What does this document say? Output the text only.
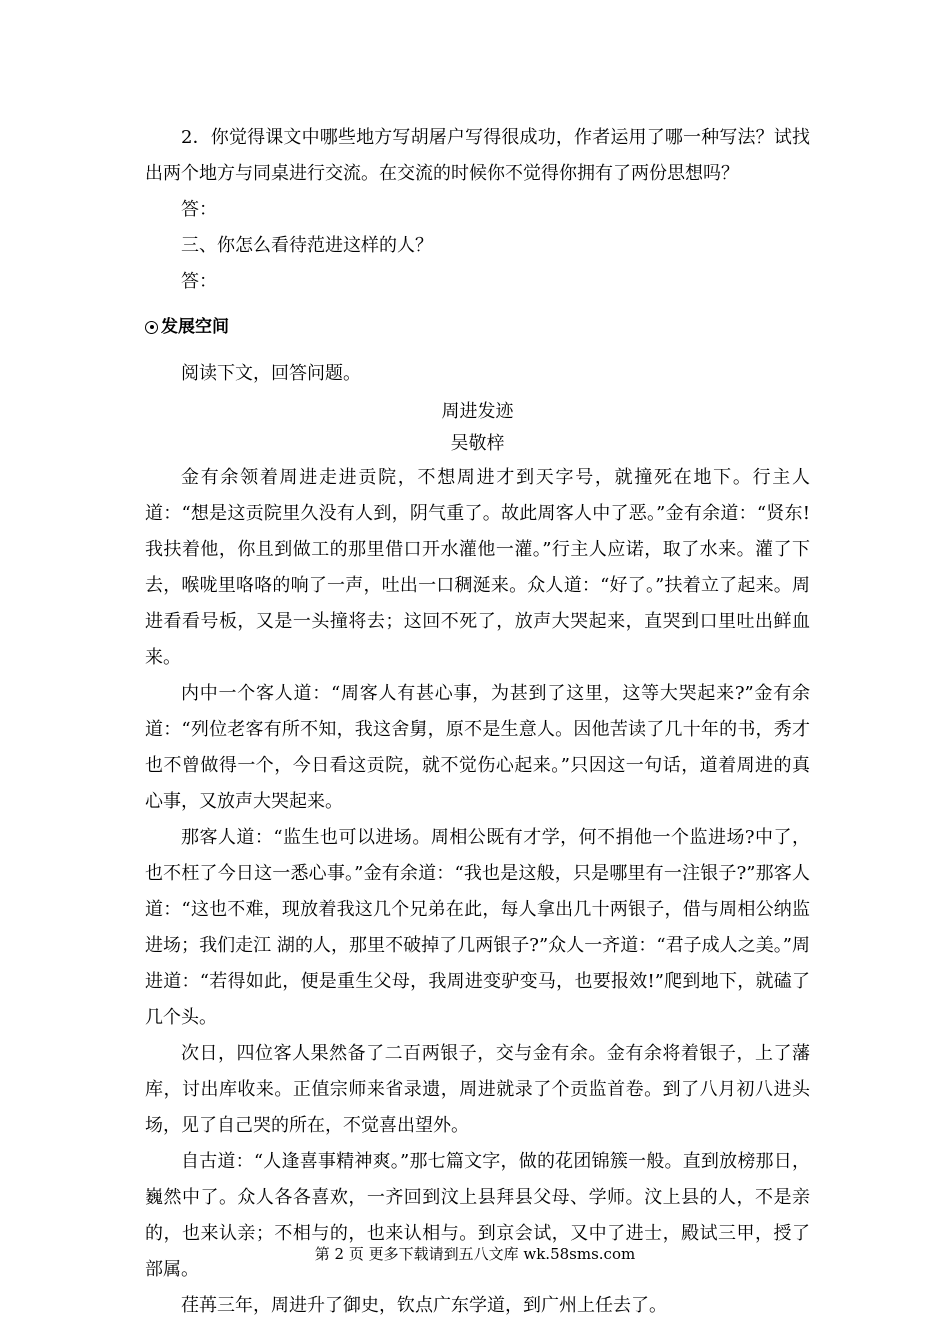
2．你觉得课文中哪些地方写胡屠户写得很成功，作者运用了哪一种写法？试找出两个地方与同桌进行交流。在交流的时候你不觉得你拥有了两份思想吗？

答：

三、你怎么看待范进这样的人？

答：

发展空间

阅读下文，回答问题。

周进发迹

吴敬梓

金有余领着周进走进贡院，不想周进才到天字号，就撞死在地下。行主人道：“想是这贡院里久没有人到，阴气重了。故此周客人中了恶。”金有余道：“贤东!我扶着他，你且到做工的那里借口开水灌他一灌。”行主人应诺，取了水来。灌了下去，喉咙里咯咯的响了一声，吐出一口稠涎来。众人道：“好了。”扶着立了起来。周进看看号板，又是一头撞将去；这回不死了，放声大哭起来，直哭到口里吐出鲜血来。

内中一个客人道：“周客人有甚心事，为甚到了这里，这等大哭起来?”金有余道：“列位老客有所不知，我这舍舅，原不是生意人。因他苦读了几十年的书，秀才也不曾做得一个，今日看这贡院，就不觉伤心起来。”只因这一句话，道着周进的真心事，又放声大哭起来。

那客人道：“监生也可以进场。周相公既有才学，何不捐他一个监进场?中了，也不枉了今日这一悉心事。”金有余道：“我也是这般，只是哪里有一注银子?”那客人道：“这也不难，现放着我这几个兄弟在此，每人拿出几十两银子，借与周相公纳监进场；我们走江 湖的人，那里不破掉了几两银子?”众人一齐道：“君子成人之美。”周进道：“若得如此，便是重生父母，我周进变驴变马，也要报效!”爬到地下，就磕了几个头。

次日，四位客人果然备了二百两银子，交与金有余。金有余将着银子，上了藩库，讨出库收来。正值宗师来省录遗，周进就录了个贡监首卷。到了八月初八进头场，见了自己哭的所在，不觉喜出望外。

自古道：“人逢喜事精神爽。”那七篇文字，做的花团锦簇一般。直到放榜那日，巍然中了。众人各各喜欢，一齐回到汶上县拜县父母、学师。汶上县的人，不是亲的，也来认亲；不相与的，也来认相与。到京会试，又中了进士，殿试三甲，授了部属。

荏苒三年，周进升了御史，钦点广东学道，到广州上任去了。

第 2 页 更多下载请到五八文库 wk.58sms.com
